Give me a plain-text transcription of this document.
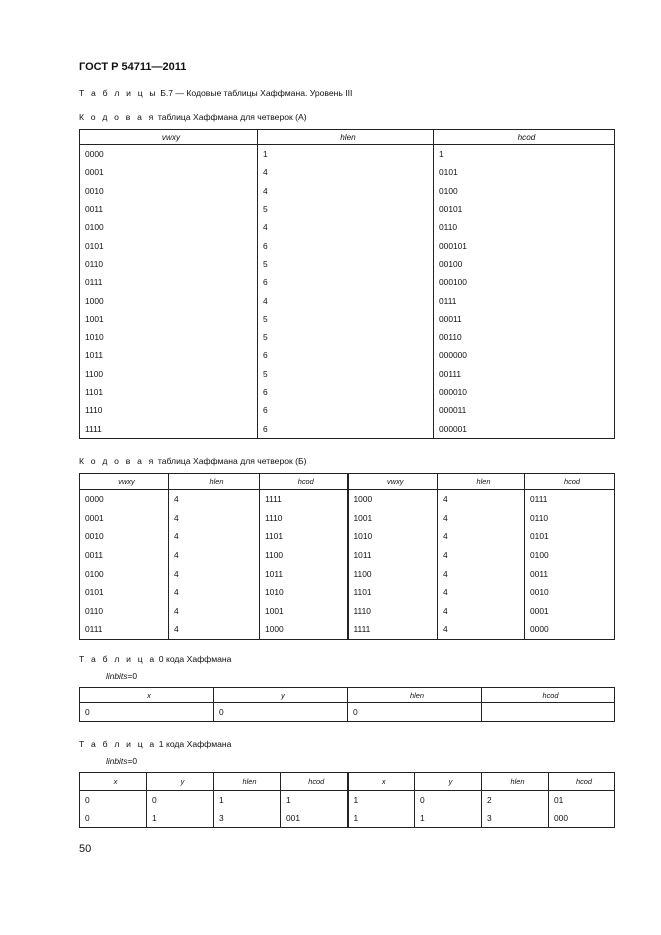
ГОСТ Р 54711—2011
Т а б л и ц ы Б.7 — Кодовые таблицы Хаффмана. Уровень III
К о д о в а я таблица Хаффмана для четверок (А)
vwxy	hlen	hcod
0000	1	1
0001	4	0101
0010	4	0100
0011	5	00101
0100	4	0110
0101	6	000101
0110	5	00100
0111	6	000100
1000	4	0111
1001	5	00011
1010	5	00110
1011	6	000000
1100	5	00111
1101	6	000010
1110	6	000011
1111	6	000001
К о д о в а я таблица Хаффмана для четверок (Б)
vwxy	hlen	hcod	vwxy	hlen	hcod
0000	4	1111	1000	4	0111
0001	4	1110	1001	4	0110
0010	4	1101	1010	4	0101
0011	4	1100	1011	4	0100
0100	4	1011	1100	4	0011
0101	4	1010	1101	4	0010
0110	4	1001	1110	4	0001
0111	4	1000	1111	4	0000
Т а б л и ц а 0 кода Хаффмана
linbits=0
x	y	hlen	hcod
0	0	0	
Т а б л и ц а 1 кода Хаффмана
linbits=0
x	y	hlen	hcod	x	y	hlen	hcod
0	0	1	1	1	0	2	01
0	1	3	001	1	1	3	000
50
